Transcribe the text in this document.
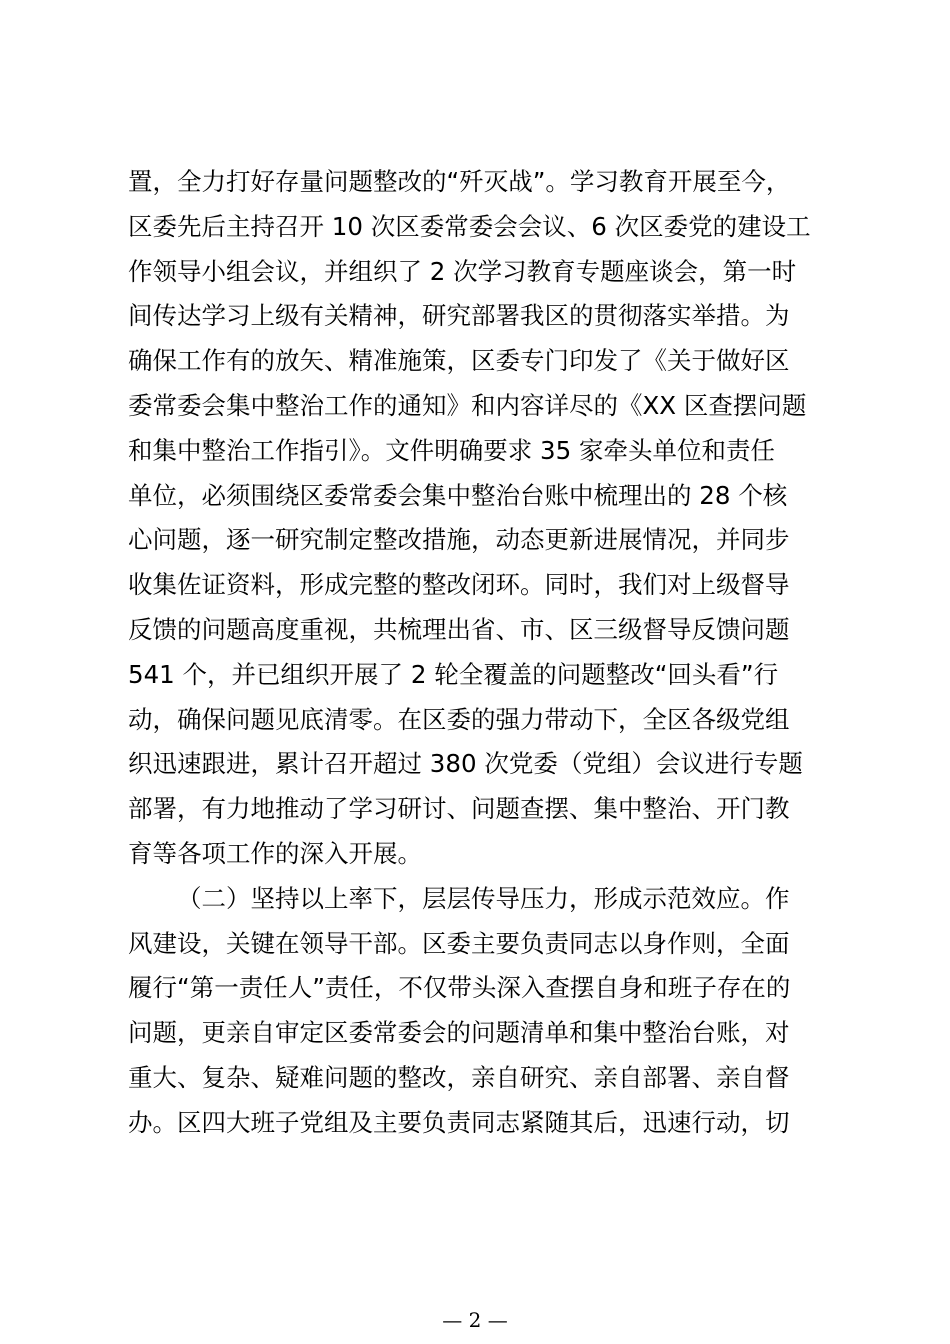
置，全力打好存量问题整改的“歼灭战”。学习教育开展至今，
区委先后主持召开 10 次区委常委会会议、6 次区委党的建设工
作领导小组会议，并组织了 2 次学习教育专题座谈会，第一时
间传达学习上级有关精神，研究部署我区的贯彻落实举措。为
确保工作有的放矢、精准施策，区委专门印发了《关于做好区
委常委会集中整治工作的通知》和内容详尽的《XX 区查摆问题
和集中整治工作指引》。文件明确要求 35 家牵头单位和责任
单位，必须围绕区委常委会集中整治台账中梳理出的 28 个核
心问题，逐一研究制定整改措施，动态更新进展情况，并同步
收集佐证资料，形成完整的整改闭环。同时，我们对上级督导
反馈的问题高度重视，共梳理出省、市、区三级督导反馈问题
541 个，并已组织开展了 2 轮全覆盖的问题整改“回头看”行
动，确保问题见底清零。在区委的强力带动下，全区各级党组
织迅速跟进，累计召开超过 380 次党委（党组）会议进行专题
部署，有力地推动了学习研讨、问题查摆、集中整治、开门教
育等各项工作的深入开展。
（二）坚持以上率下，层层传导压力，形成示范效应。作
风建设，关键在领导干部。区委主要负责同志以身作则，全面
履行“第一责任人”责任，不仅带头深入查摆自身和班子存在的
问题，更亲自审定区委常委会的问题清单和集中整治台账，对
重大、复杂、疑难问题的整改，亲自研究、亲自部署、亲自督
办。区四大班子党组及主要负责同志紧随其后，迅速行动，切
— 2 —
